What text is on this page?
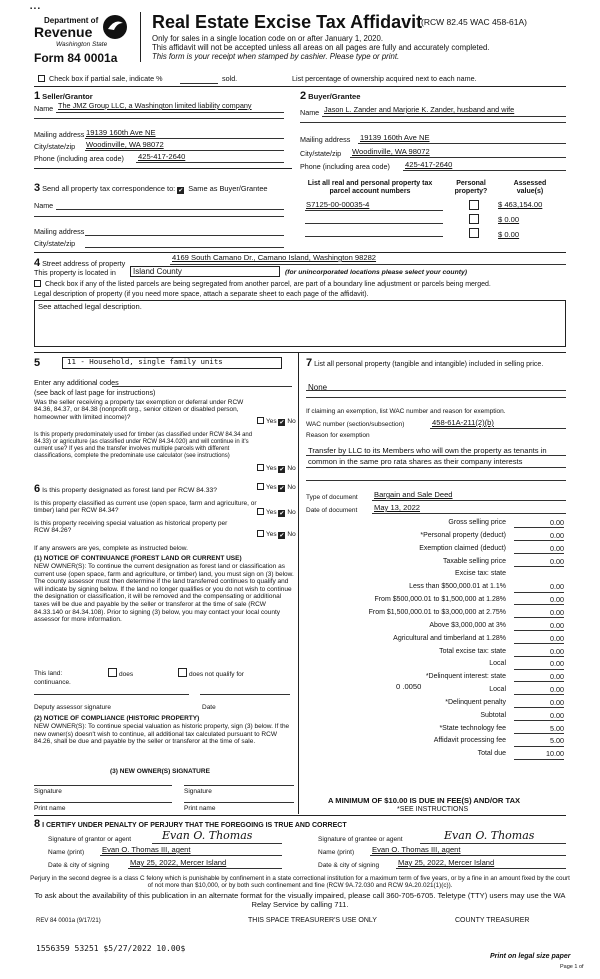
▪ ▪ ▪
Department of
Revenue
Washington State
Form 84 0001a
Real Estate Excise Tax Affidavit
(RCW 82.45 WAC 458-61A)
Only for sales in a single location code on or after January 1, 2020.
This affidavit will not be accepted unless all areas on all pages are fully and accurately completed.
This form is your receipt when stamped by cashier. Please type or print.
Check box if partial sale, indicate %	sold.	List percentage of ownership acquired next to each name.
1 Seller/Grantor
Name The JMZ Group LLC, a Washington limited liability company
Mailing address 19139 160th Ave NE
City/state/zip Woodinville, WA 98072
Phone (including area code) 425-417-2640
2 Buyer/Grantee
Name Jason L. Zander and Marjorie K. Zander, husband and wife
Mailing address 19139 160th Ave NE
City/state/zip Woodinville, WA 98072
Phone (including area code) 425-417-2640
3 Send all property tax correspondence to: ✔ Same as Buyer/Grantee
Name
Mailing address
City/state/zip
List all real and personal property tax parcel account numbers
Personal property?
Assessed value(s)
S7125-00-00035-4	$ 463,154.00
$ 0.00
$ 0.00
4 Street address of property
4169 South Camano Dr., Camano Island, Washington 98282
This property is located in	Island County	(for unincorporated locations please select your county)
Check box if any of the listed parcels are being segregated from another parcel, are part of a boundary line adjustment or parcels being merged.
Legal description of property (if you need more space, attach a separate sheet to each page of the affidavit).
See attached legal description.
5	11 - Household, single family units
Enter any additional codes
(see back of last page for instructions)
Was the seller receiving a property tax exemption or deferral under RCW 84.36, 84.37, or 84.38 (nonprofit org., senior citizen or disabled person, homeowner with limited income)?
Yes ✔ No
Is this property predominately used for timber (as classified under RCW 84.34 and 84.33) or agriculture (as classified under RCW 84.34.020) and will continue in it's current use? If yes and the transfer involves multiple parcels with different classifications, complete the predominate use calculator (see instructions)
Yes ✔ No
6 Is this property designated as forest land per RCW 84.33?	Yes ✔ No
Is this property classified as current use (open space, farm and agriculture, or timber) land per RCW 84.34?	Yes ✔ No
Is this property receiving special valuation as historical property per RCW 84.26?
Yes ✔ No
If any answers are yes, complete as instructed below.
(1) NOTICE OF CONTINUANCE (FOREST LAND OR CURRENT USE)
NEW OWNER(S): To continue the current designation as forest land or classification as current use (open space, farm and agriculture, or timber) land, you must sign on (3) below. The county assessor must then determine if the land transferred continues to qualify and will indicate by signing below. If the land no longer qualifies or you do not wish to continue the designation or classification, it will be removed and the compensating or additional taxes will be due and payable by the seller or transferor at the time of sale (RCW 84.33.140 or 84.34.108). Prior to signing (3) below, you may contact your local county assessor for more information.
This land:	does	does not qualify for
continuance.
Deputy assessor signature	Date
(2) NOTICE OF COMPLIANCE (HISTORIC PROPERTY)
NEW OWNER(S): To continue special valuation as historic property, sign (3) below. If the new owner(s) doesn't wish to continue, all additional tax calculated pursuant to RCW 84.26, shall be due and payable by the seller or transferor at the time of sale.
(3) NEW OWNER(S) SIGNATURE
Signature	Signature
Print name	Print name
7 List all personal property (tangible and intangible) included in selling price.
None
If claiming an exemption, list WAC number and reason for exemption.
WAC number (section/subsection)	458-61A-211(2)(b)
Reason for exemption
Transfer by LLC to its Members who will own the property as tenants in common in the same pro rata shares as their company interests
Type of document Bargain and Sale Deed
Date of document May 13, 2022
Gross selling price	0.00
*Personal property (deduct)	0.00
Exemption claimed (deduct)	0.00
Taxable selling price	0.00
Excise tax: state
Less than $500,000.01 at 1.1%	0.00
From $500,000.01 to $1,500,000 at 1.28%	0.00
From $1,500,000.01 to $3,000,000 at 2.75%	0.00
Above $3,000,000 at 3%	0.00
Agricultural and timberland at 1.28%	0.00
Total excise tax: state	0.00
Local	0.00
*Delinquent interest: state	0.00
Local	0.00
*Delinquent penalty	0.00
Subtotal	0.00
*State technology fee	5.00
Affidavit processing fee	5.00
Total due	10.00
0 .0050
A MINIMUM OF $10.00 IS DUE IN FEE(S) AND/OR TAX
*SEE INSTRUCTIONS
8 I CERTIFY UNDER PENALTY OF PERJURY THAT THE FOREGOING IS TRUE AND CORRECT
Signature of grantor or agent	Evan O. Thomas
Name (print) Evan O. Thomas III, agent
Date & city of signing	May 25, 2022, Mercer Island
Signature of grantee or agent	Evan O. Thomas
Name (print) Evan O. Thomas III, agent
Date & city of signing May 25, 2022, Mercer Island
Perjury in the second degree is a class C felony which is punishable by confinement in a state correctional institution for a maximum term of five years, or by a fine in an amount fixed by the court of not more than $10,000, or by both such confinement and fine (RCW 9A.72.030 and RCW 9A.20.021(1)(c)).
To ask about the availability of this publication in an alternate format for the visually impaired, please call 360-705-6705. Teletype (TTY) users may use the WA Relay Service by calling 711.
REV 84 0001a (9/17/21)	THIS SPACE TREASURER'S USE ONLY	COUNTY TREASURER
1556359 53251 $5/27/2022 10.00$
Print on legal size paper
Page 1 of
